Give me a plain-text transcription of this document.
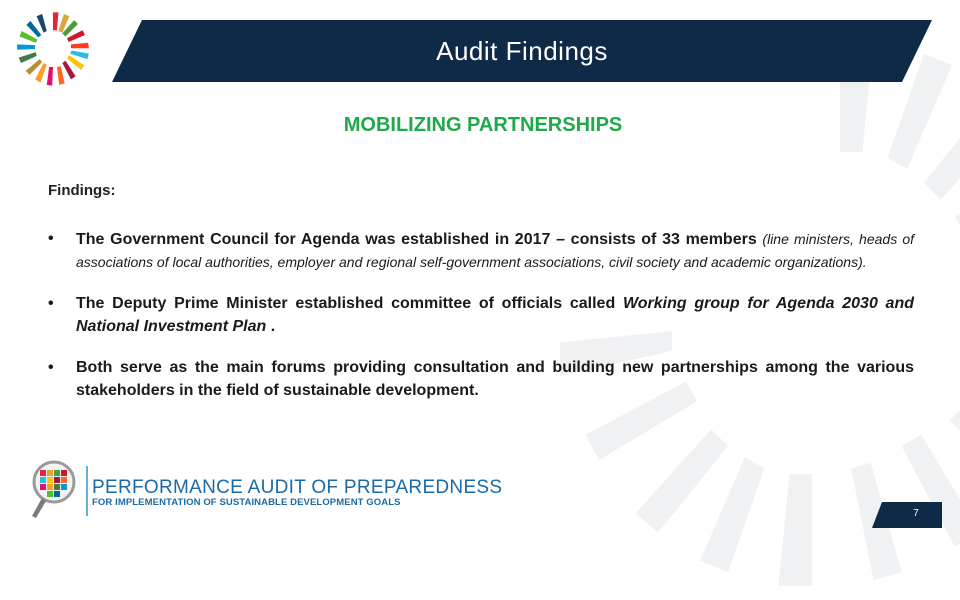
Audit Findings
MOBILIZING PARTNERSHIPS
Findings:
• The Government Council for Agenda was established in 2017 – consists of 33 members (line ministers, heads of associations of local authorities, employer and regional self-government associations, civil society and academic organizations).
• The Deputy Prime Minister established committee of officials called Working group for Agenda 2030 and National Investment Plan .
• Both serve as the main forums providing consultation and building new partnerships among the various stakeholders in the field of sustainable development.
PERFORMANCE AUDIT OF PREPAREDNESS
FOR IMPLEMENTATION OF SUSTAINABLE DEVELOPMENT GOALS
7
